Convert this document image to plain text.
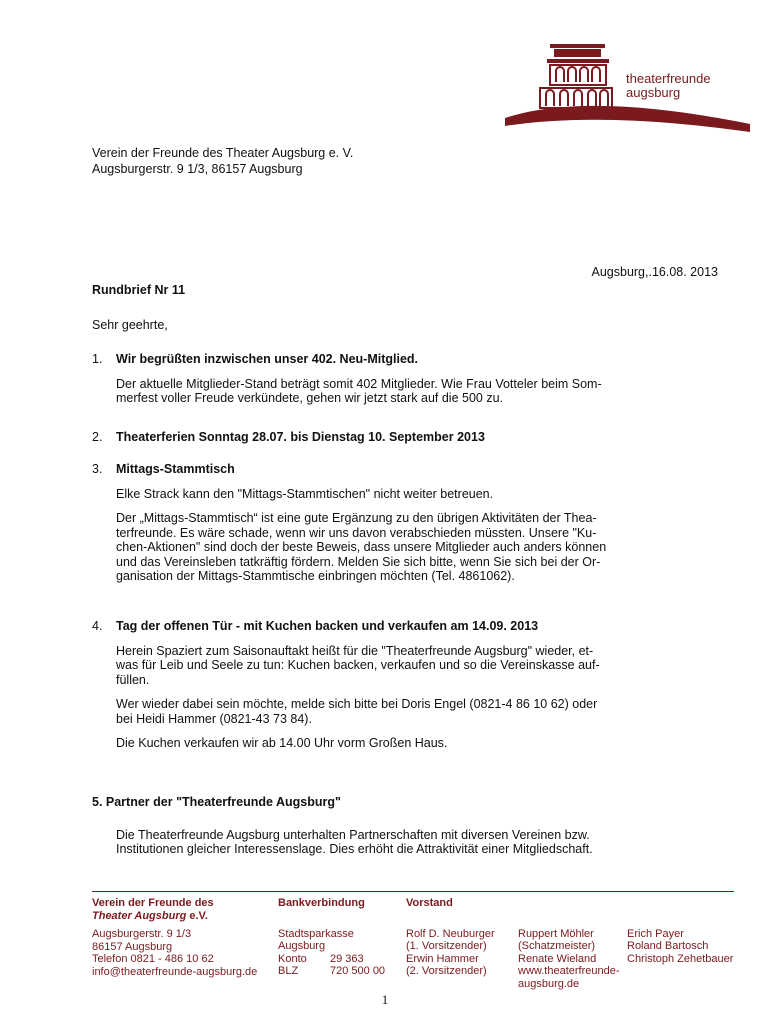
theaterfreunde
augsburg
Verein der Freunde des Theater Augsburg e. V.
Augsburgerstr. 9 1/3, 86157 Augsburg
Augsburg,.16.08. 2013
Rundbrief Nr 11
Sehr geehrte,
1. Wir begrüßten inzwischen unser 402. Neu-Mitglied.

Der aktuelle Mitglieder-Stand beträgt somit 402 Mitglieder. Wie Frau Votteler beim Som-
merfest voller Freude verkündete, gehen wir jetzt stark auf die 500 zu.

2. Theaterferien Sonntag 28.07. bis Dienstag 10. September 2013
3. Mittags-Stammtisch

Elke Strack kann den "Mittags-Stammtischen" nicht weiter betreuen.

Der „Mittags-Stammtisch“ ist eine gute Ergänzung zu den übrigen Aktivitäten der Thea-
terfreunde. Es wäre schade, wenn wir uns davon verabschieden müssten. Unsere "Ku-
chen-Aktionen" sind doch der beste Beweis, dass unsere Mitglieder auch anders können
und das Vereinsleben tatkräftig fördern. Melden Sie sich bitte, wenn Sie sich bei der Or-
ganisation der Mittags-Stammtische einbringen möchten (Tel. 4861062).

4. Tag der offenen Tür - mit Kuchen backen und verkaufen am 14.09. 2013

Herein Spaziert zum Saisonauftakt heißt für die "Theaterfreunde Augsburg" wieder, et-
was für Leib und Seele zu tun: Kuchen backen, verkaufen und so die Vereinskasse auf-
füllen.

Wer wieder dabei sein möchte, melde sich bitte bei Doris Engel (0821-4 86 10 62) oder
bei Heidi Hammer (0821-43 73 84).

Die Kuchen verkaufen wir ab 14.00 Uhr vorm Großen Haus.

5. Partner der "Theaterfreunde Augsburg"

Die Theaterfreunde Augsburg unterhalten Partnerschaften mit diversen Vereinen bzw.
Institutionen gleicher Interessenslage. Dies erhöht die Attraktivität einer Mitgliedschaft.

Verein der Freunde des
Theater Augsburg e.V.
Augsburgerstr. 9 1/3
86157 Augsburg
Telefon 0821 - 486 10 62
info@theaterfreunde-augsburg.de
Bankverbindung
Stadtsparkasse
Augsburg
Konto 29 363
BLZ	720 500 00
Vorstand
Rolf D. Neuburger
(1. Vorsitzender)
Erwin Hammer
(2. Vorsitzender)
Ruppert Möhler
(Schatzmeister)
Renate Wieland
www.theaterfreunde-augsburg.de
Erich Payer
Roland Bartosch
Christoph Zehetbauer
1
